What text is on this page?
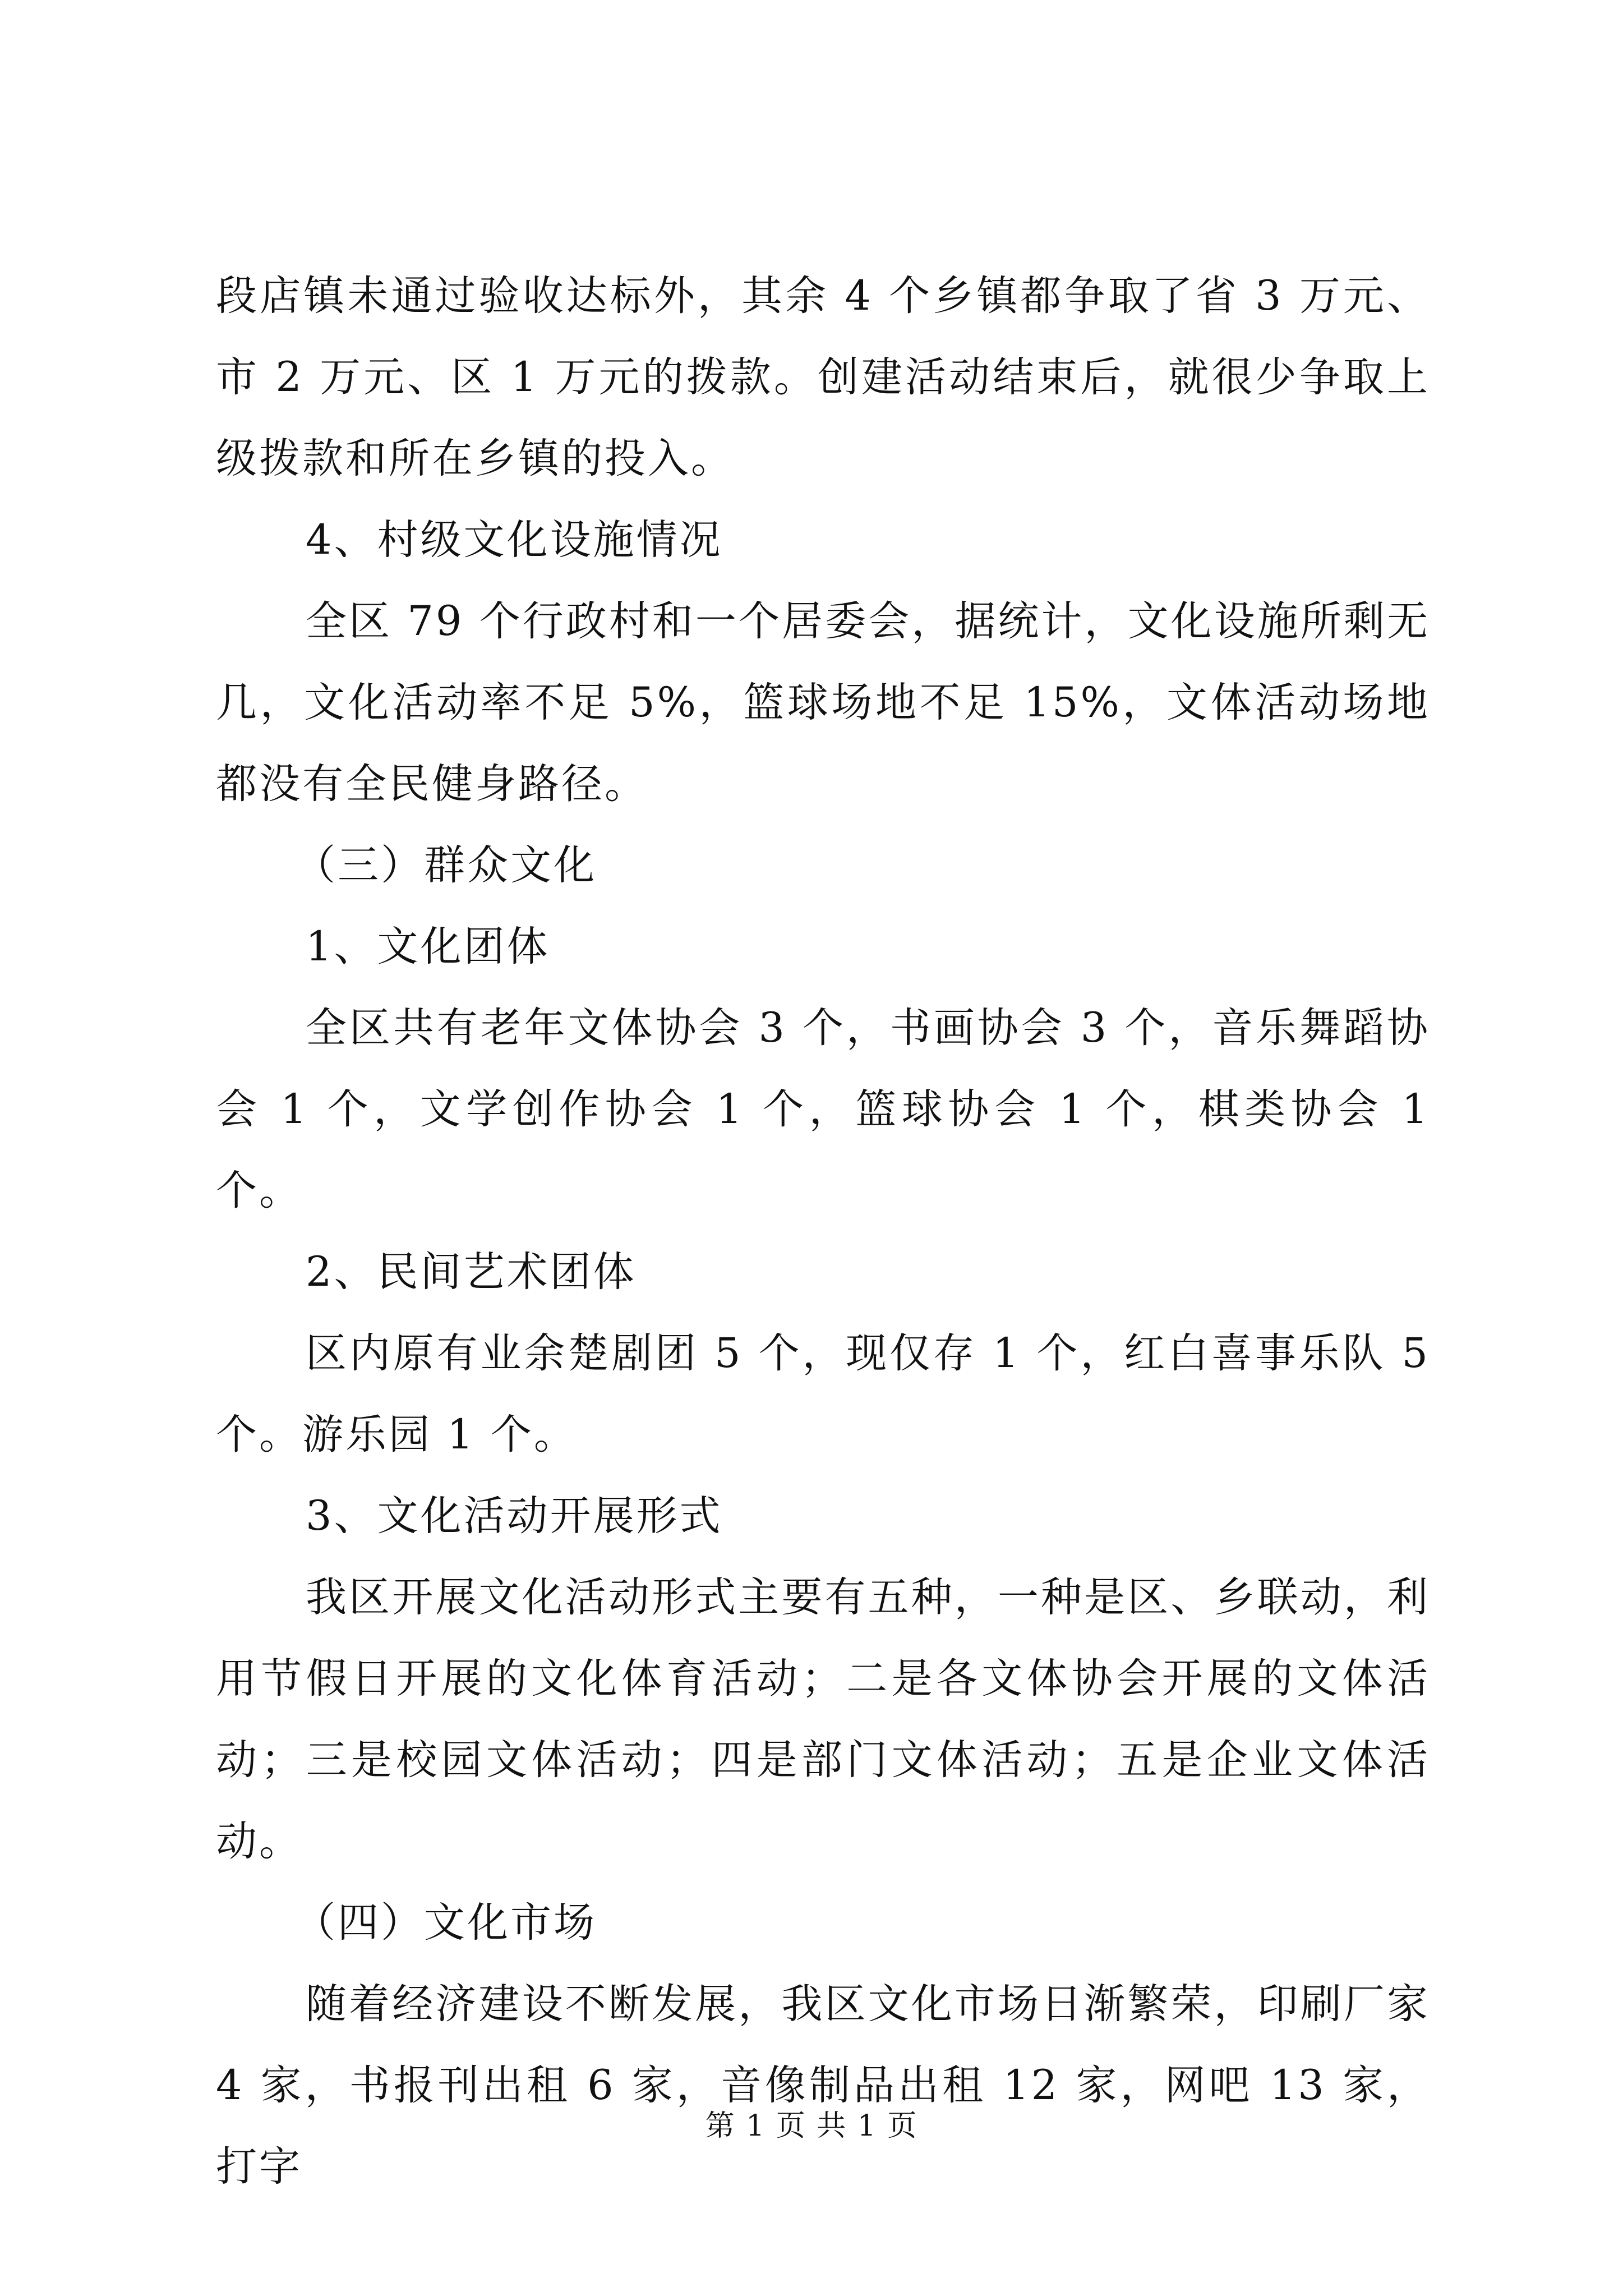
段店镇未通过验收达标外，其余 4 个乡镇都争取了省 3 万元、市 2 万元、区 1 万元的拨款。创建活动结束后，就很少争取上级拨款和所在乡镇的投入。

4、村级文化设施情况

全区 79 个行政村和一个居委会，据统计，文化设施所剩无几，文化活动率不足 5%，篮球场地不足 15%，文体活动场地都没有全民健身路径。

（三）群众文化

1、文化团体

全区共有老年文体协会 3 个，书画协会 3 个，音乐舞蹈协会 1 个，文学创作协会 1 个，篮球协会 1 个，棋类协会 1 个。

2、民间艺术团体

区内原有业余楚剧团 5 个，现仅存 1 个，红白喜事乐队 5 个。游乐园 1 个。

3、文化活动开展形式

我区开展文化活动形式主要有五种，一种是区、乡联动，利用节假日开展的文化体育活动；二是各文体协会开展的文体活动；三是校园文体活动；四是部门文体活动；五是企业文体活动。

（四）文化市场

随着经济建设不断发展，我区文化市场日渐繁荣，印刷厂家 4 家，书报刊出租 6 家，音像制品出租 12 家，网吧 13 家，打字

第 1 页 共 1 页
